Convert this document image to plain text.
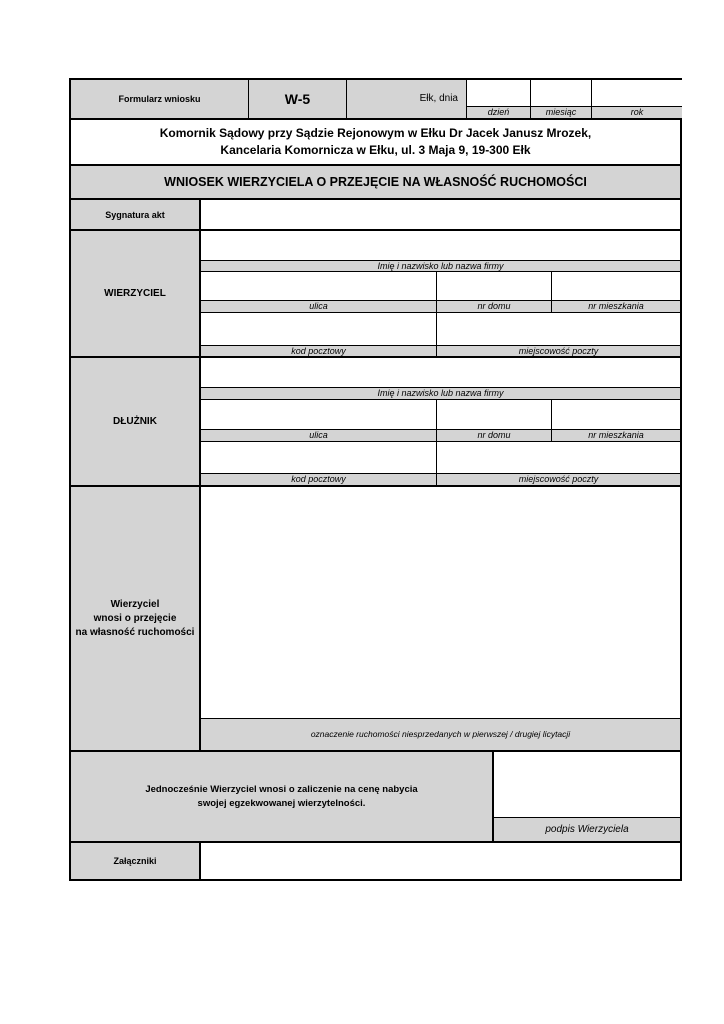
Formularz wniosku	W-5	Ełk, dnia
dzień	miesiąc	rok
Komornik Sądowy przy Sądzie Rejonowym w Ełku Dr Jacek Janusz Mrozek,
Kancelaria Komornicza w Ełku, ul. 3 Maja 9, 19-300 Ełk
WNIOSEK WIERZYCIELA O PRZEJĘCIE NA WŁASNOŚĆ RUCHOMOŚCI
Sygnatura akt
WIERZYCIEL
Imię i nazwisko lub nazwa firmy
ulica	nr domu	nr mieszkania
kod pocztowy	miejscowość poczty
DŁUŻNIK
Imię i nazwisko lub nazwa firmy
ulica	nr domu	nr mieszkania
kod pocztowy	miejscowość poczty
Wierzyciel
wnosi o przejęcie
na własność ruchomości
oznaczenie ruchomości niesprzedanych w pierwszej / drugiej licytacji
Jednocześnie Wierzyciel wnosi o zaliczenie na cenę nabycia
swojej egzekwowanej wierzytelności.
podpis Wierzyciela
Załączniki
